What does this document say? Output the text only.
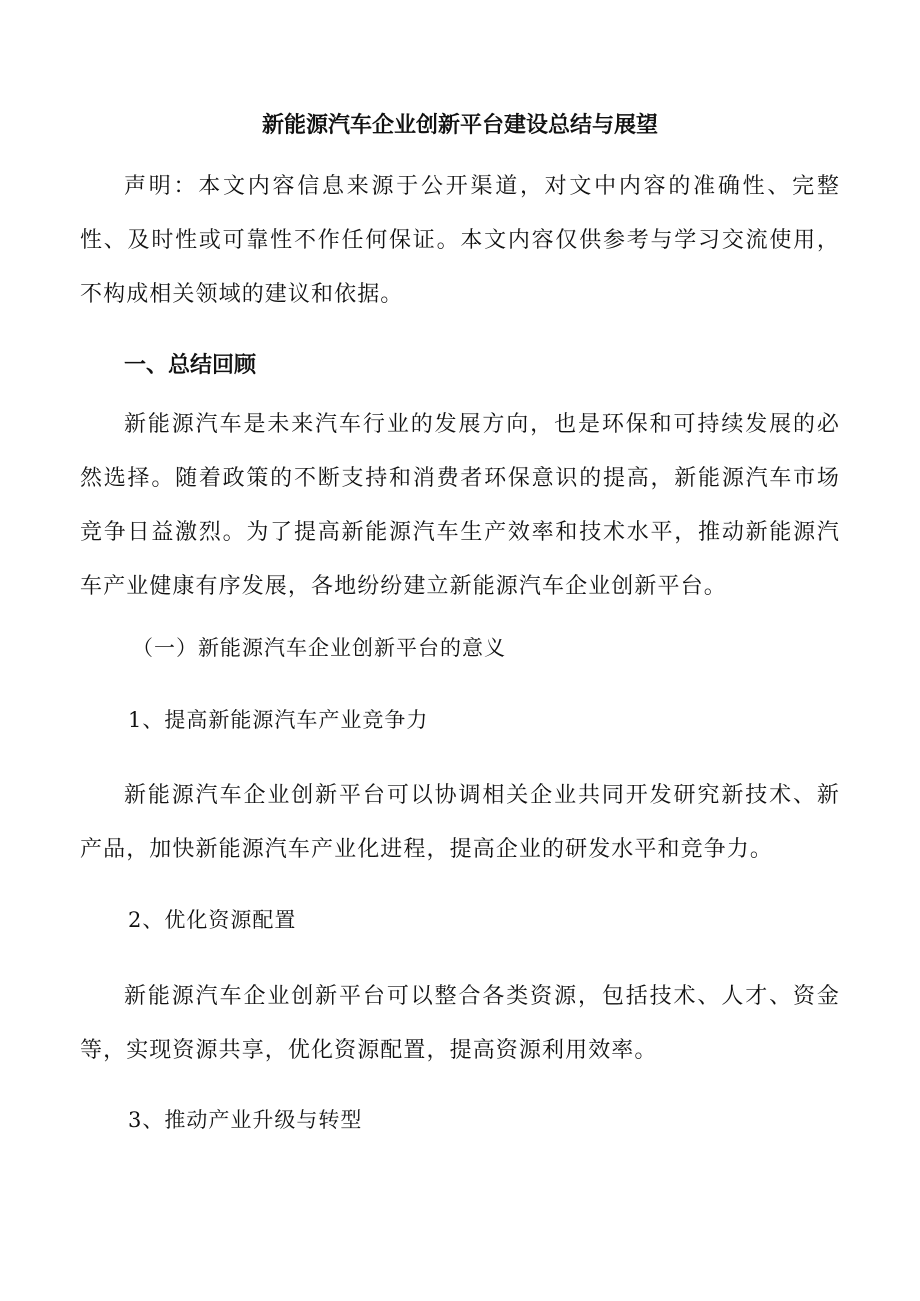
新能源汽车企业创新平台建设总结与展望

声明：本文内容信息来源于公开渠道，对文中内容的准确性、完整性、及时性或可靠性不作任何保证。本文内容仅供参考与学习交流使用，不构成相关领域的建议和依据。

一、总结回顾

新能源汽车是未来汽车行业的发展方向，也是环保和可持续发展的必然选择。随着政策的不断支持和消费者环保意识的提高，新能源汽车市场竞争日益激烈。为了提高新能源汽车生产效率和技术水平，推动新能源汽车产业健康有序发展，各地纷纷建立新能源汽车企业创新平台。

（一）新能源汽车企业创新平台的意义
1、提高新能源汽车产业竞争力

新能源汽车企业创新平台可以协调相关企业共同开发研究新技术、新产品，加快新能源汽车产业化进程，提高企业的研发水平和竞争力。

2、优化资源配置

新能源汽车企业创新平台可以整合各类资源，包括技术、人才、资金等，实现资源共享，优化资源配置，提高资源利用效率。

3、推动产业升级与转型
